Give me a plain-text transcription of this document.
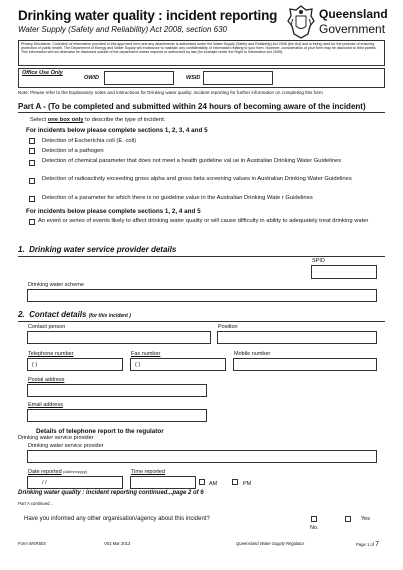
Drinking water quality : incident reporting
Water Supply (Safety and Reliability) Act 2008, section 630
Queensland
Government
Privacy Disclaimer: Collection of information provided in this approved form and any attachments is authorised under the Water Supply (Safety and Reliability) Act 2008 (the Act) and is being used for the purpose of ensuring protection of public health. The Department of Energy and Water Supply will endeavour to maintain any confidentiality of information relating to your form. However, consideration of your form may be disclosed to third parties. This information will not otherwise be disclosed outside of the department unless required or authorised by law (for example under the Right to Information Act 2009).
Office Use Only
OWID	WSID
Note: Please refer to the Explanatory notes and instructions for Drinking water quality: incident reporting for further information on completing this form
Part A - (To be completed and submitted within 24 hours of becoming aware of the incident)
Select one box only to describe the type of incident:
For incidents below please complete sections 1, 2, 3, 4 and 5
Detection of Escherichia coli (E. coli)
Detection of a pathogen
Detection of chemical parameter that does not meet a health guideline val ue in Australian Drinking Water Guidelines
Detection of radioactivity exceeding gross alpha and gross beta screening values in Australian Drinking Water Guidelines
Detection of a parameter for which there is no guideline value in the Australian Drinking Wate r Guidelines
For incidents below please complete sections 1, 2, 4 and 5
An event or series of events likely to affect drinking water quality or will cause difficulty in ability to adequately treat drinking water
1. Drinking water service provider details
SPID
Drinking water scheme
2. Contact details (for this incident )
Contact person	Position
Telephone number
( )
Fax number
( )
Mobile number
Postal address
Email address
Details of telephone report to the regulator
Drinking water service provider
Drinking water service provider
Date reported (dd/mm/yyyy)
/ /
Time reported
AM	PM
Drinking water quality : incident reporting continued...page 2 of 6
Part A continued...
Have you informed any other organisation/agency about this incident?
No.
Yes
Form WSR503	V03 Mar 2013	Queensland Water Supply Regulator	Page 1 of 7
